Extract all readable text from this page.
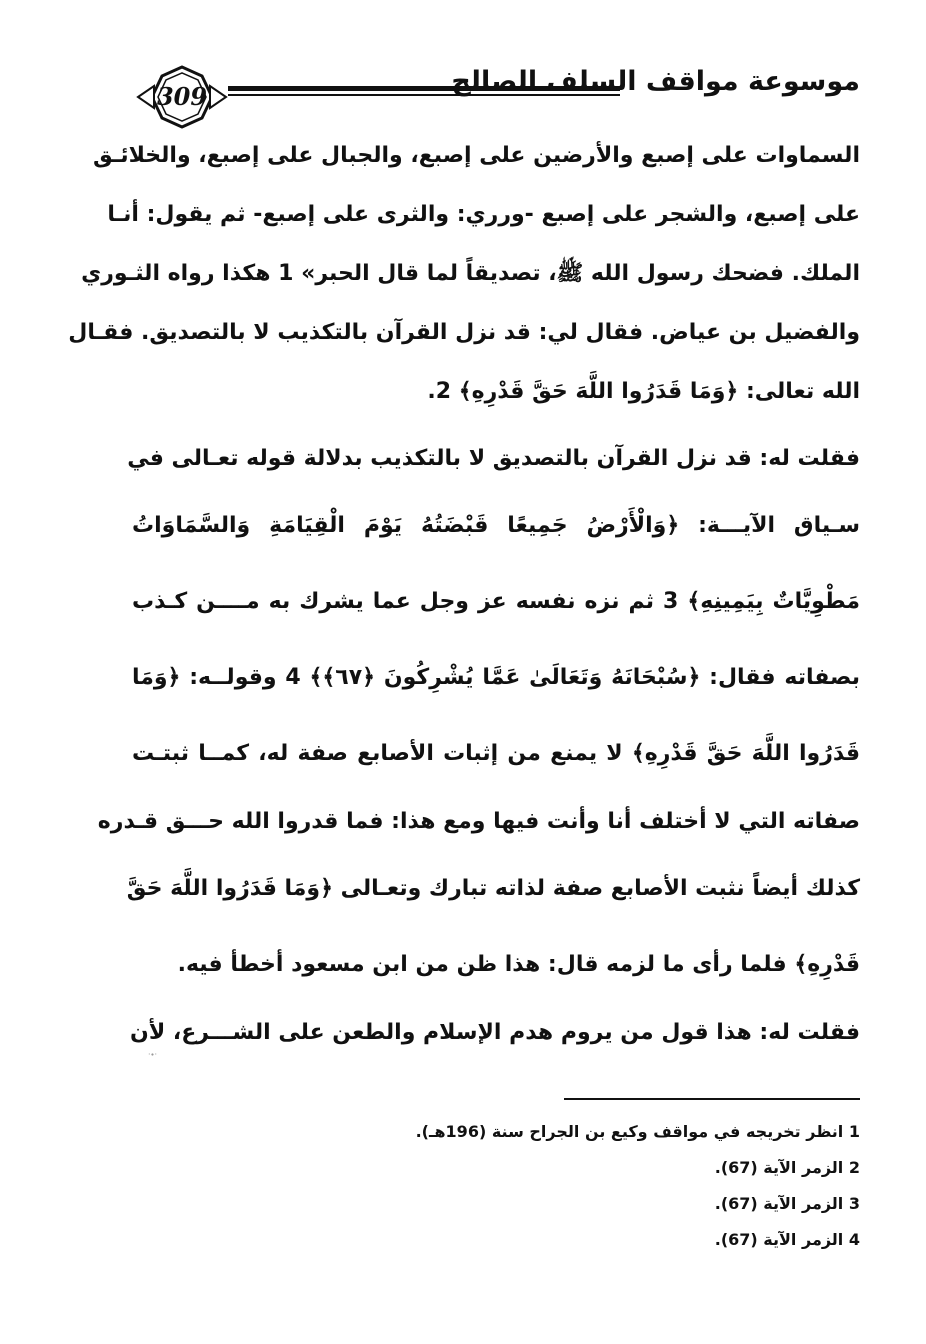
309	موسوعة مواقف السلف الصالح
السماوات على إصبع والأرضين على إصبع، والجبال على إصبع، والخلائـق
على إصبع، والشجر على إصبع -ورري: والثرى على إصبع- ثم يقول: أنـا
الملك. فضحك رسول الله ﷺ، تصديقاً لما قال الحبر» 1 هكذا رواه الثـوري
والفضيل بن عياض. فقال لي: قد نزل القرآن بالتكذيب لا بالتصديق. فقـال
الله تعالى: ﴿وَمَا قَدَرُوا اللَّهَ حَقَّ قَدْرِهِ﴾ 2.
فقلت له: قد نزل القرآن بالتصديق لا بالتكذيب بدلالة قوله تعـالى في
سـياق الآيـــة: ﴿وَالْأَرْضُ جَمِيعًا قَبْضَتُهُ يَوْمَ الْقِيَامَةِ وَالسَّمَاوَاتُ
مَطْوِيَّاتٌ بِيَمِينِهِ﴾ 3 ثم نزه نفسه عز وجل عما يشرك به مــــن كـذب
بصفاته فقال: ﴿سُبْحَانَهُ وَتَعَالَىٰ عَمَّا يُشْرِكُونَ ﴿٦٧﴾﴾ 4 وقولــه: ﴿وَمَا
قَدَرُوا اللَّهَ حَقَّ قَدْرِهِ﴾ لا يمنع من إثبات الأصابع صفة له، كمــا ثبتـت
صفاته التي لا أختلف أنا وأنت فيها ومع هذا: فما قدروا الله حـــق قـدره
كذلك أيضاً نثبت الأصابع صفة لذاته تبارك وتعـالى ﴿وَمَا قَدَرُوا اللَّهَ حَقَّ
قَدْرِهِ﴾ فلما رأى ما لزمه قال: هذا ظن من ابن مسعود أخطأ فيه.
فقلت له: هذا قول من يروم هدم الإسلام والطعن على الشـــرع، لأن
·∙·
1 انظر تخريجه في مواقف وكيع بن الجراح سنة (196هـ).
2 الزمر الآية (67).
3 الزمر الآية (67).
4 الزمر الآية (67).
